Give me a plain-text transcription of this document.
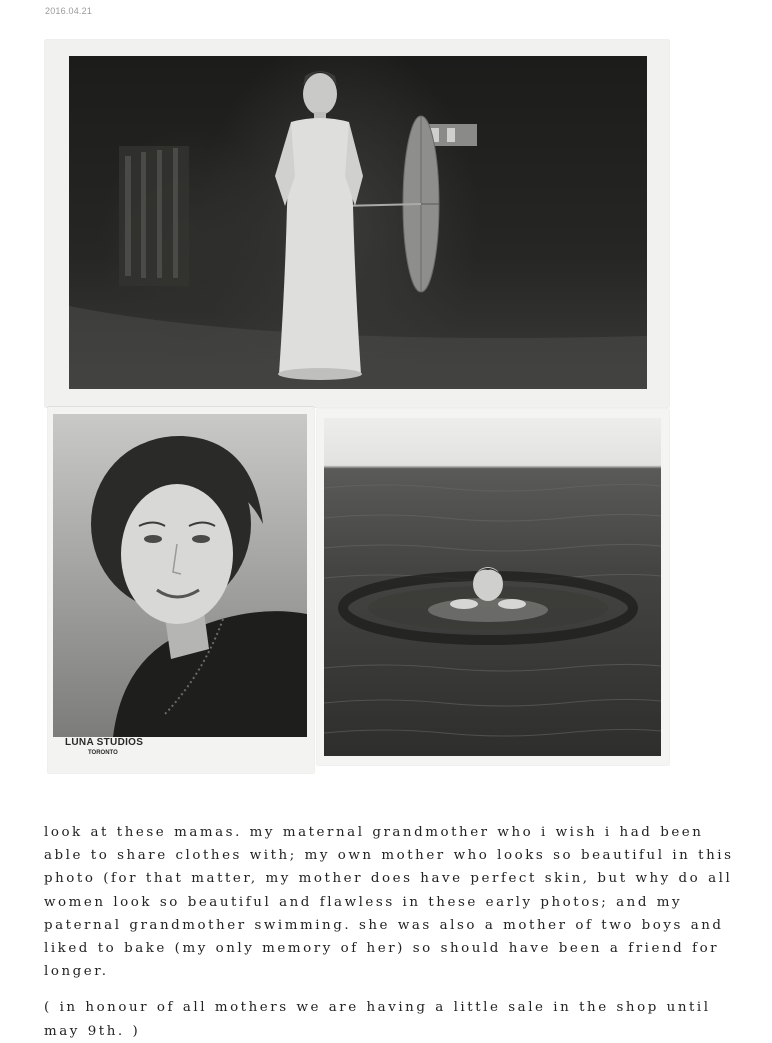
2016.04.21
LUNA STUDIOS
TORONTO

look at these mamas. my maternal grandmother who i wish i had been able to share clothes with; my own mother who looks so beautiful in this photo (for that matter, my mother does have perfect skin, but why do all women look so beautiful and flawless in these early photos; and my paternal grandmother swimming. she was also a mother of two boys and liked to bake (my only memory of her) so should have been a friend for longer.

( in honour of all mothers we are having a little sale in the shop until may 9th. )
